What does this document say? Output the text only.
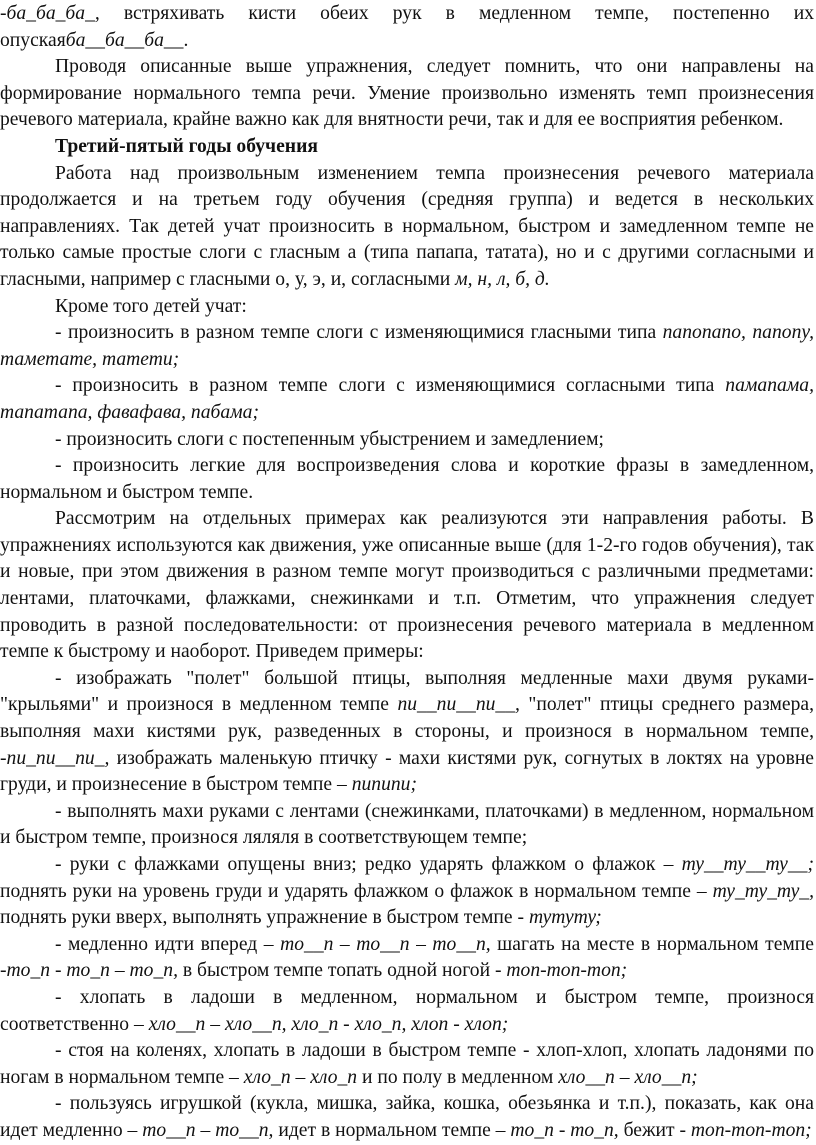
-ба_ба_ба_, встряхивать кисти обеих рук в медленном темпе, постепенно их опускаяба__ба__ба__.

Проводя описанные выше упражнения, следует помнить, что они направлены на формирование нормального темпа речи. Умение произвольно изменять темп произнесения речевого материала, крайне важно как для внятности речи, так и для ее восприятия ребенком.

Третий-пятый годы обучения

Работа над произвольным изменением темпа произнесения речевого материала продолжается и на третьем году обучения (средняя группа) и ведется в нескольких направлениях. Так детей учат произносить в нормальном, быстром и замедленном темпе не только самые простые слоги с гласным а (типа папапа, татата), но и с другими согласными и гласными, например с гласными о, у, э, и, согласными м, н, л, б, д.

Кроме того детей учат:

- произносить в разном темпе слоги с изменяющимися гласными типа папопапо, папопу, таметате, татети;

- произносить в разном темпе слоги с изменяющимися согласными типа памапама, тапатапа, фавафава, пабама;

- произносить слоги с постепенным убыстрением и замедлением;

- произносить легкие для воспроизведения слова и короткие фразы в замедленном, нормальном и быстром темпе.

Рассмотрим на отдельных примерах как реализуются эти направления работы. В упражнениях используются как движения, уже описанные выше (для 1-2-го годов обучения), так и новые, при этом движения в разном темпе могут производиться с различными предметами: лентами, платочками, флажками, снежинками и т.п. Отметим, что упражнения следует проводить в разной последовательности: от произнесения речевого материала в медленном темпе к быстрому и наоборот. Приведем примеры:

- изображать "полет" большой птицы, выполняя медленные махи двумя руками-"крыльями" и произнося в медленном темпе пи__пи__пи__, "полет" птицы среднего размера, выполняя махи кистями рук, разведенных в стороны, и произнося в нормальном темпе, -пи_пи__пи_, изображать маленькую птичку - махи кистями рук, согнутых в локтях на уровне груди, и произнесение в быстром темпе – пипипи;

- выполнять махи руками с лентами (снежинками, платочками) в медленном, нормальном и быстром темпе, произнося ляляля в соответствующем темпе;

- руки с флажками опущены вниз; редко ударять флажком о флажок – ту__ту__ту__; поднять руки на уровень груди и ударять флажком о флажок в нормальном темпе – ту_ту_ту_, поднять руки вверх, выполнять упражнение в быстром темпе - тутуту;

- медленно идти вперед – то__п – то__п – то__п, шагать на месте в нормальном темпе -то_п - то_п – то_п, в быстром темпе топать одной ногой - топ-топ-топ;

- хлопать в ладоши в медленном, нормальном и быстром темпе, произнося соответственно – хло__п – хло__п, хло_п - хло_п, хлоп - хлоп;

- стоя на коленях, хлопать в ладоши в быстром темпе - хлоп-хлоп, хлопать ладонями по ногам в нормальном темпе – хло_п – хло_п и по полу в медленном хло__п – хло__п;

- пользуясь игрушкой (кукла, мишка, зайка, кошка, обезьянка и т.п.), показать, как она идет медленно – то__п – то__п, идет в нормальном темпе – то_п - то_п, бежит - топ-топ-топ;
